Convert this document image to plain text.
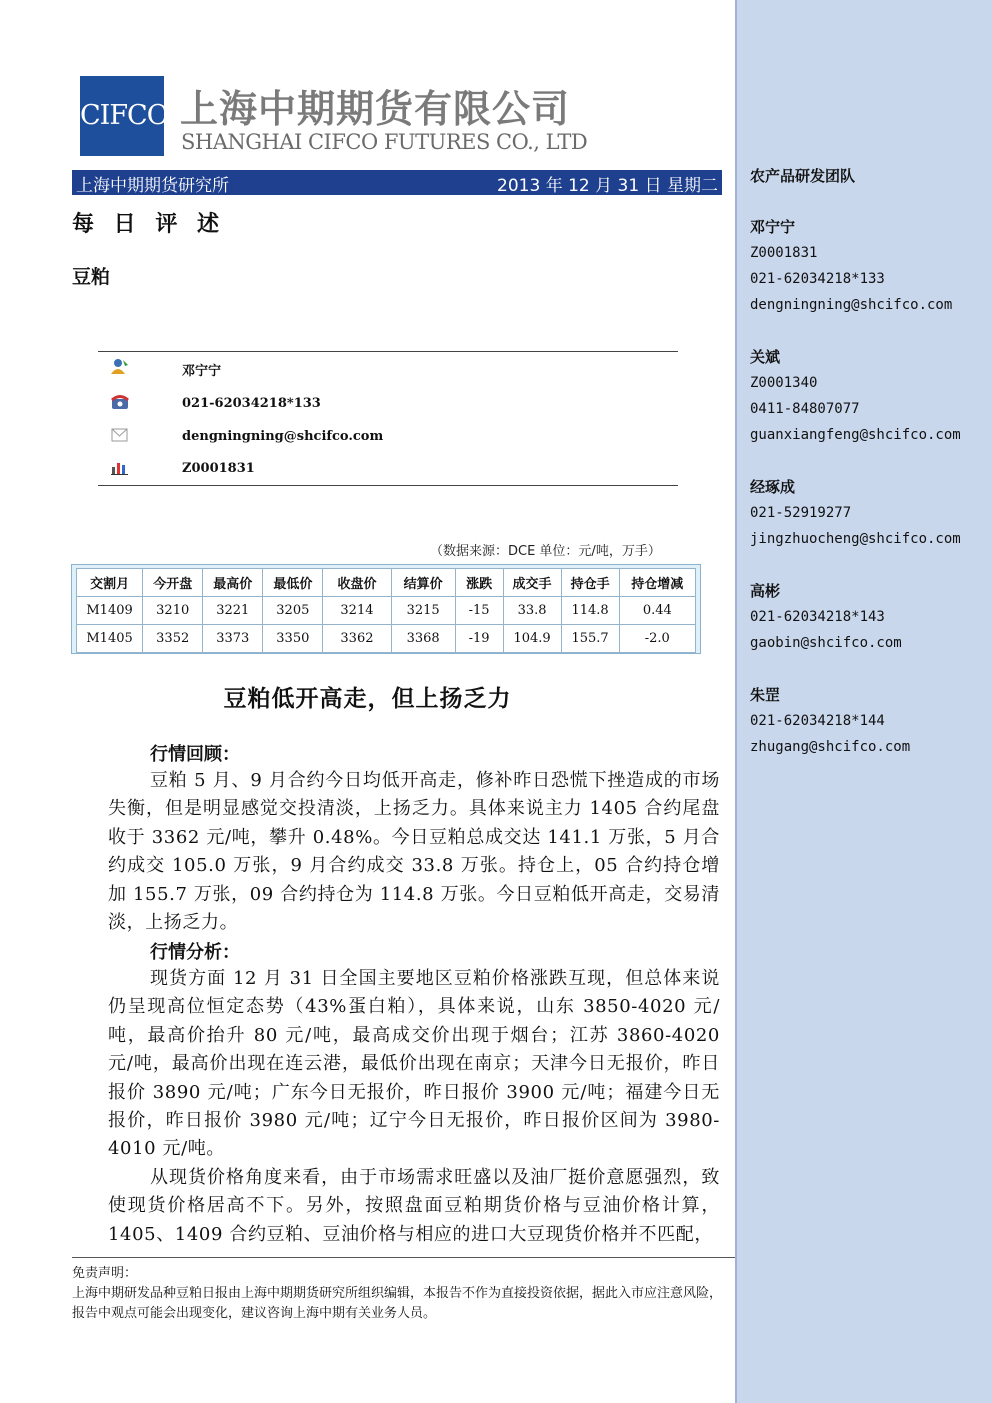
CIFCO 上海中期期货有限公司
SHANGHAI CIFCO FUTURES CO., LTD
上海中期期货研究所	2013 年 12 月 31 日 星期二
每 日 评 述
豆粕
邓宁宁
021-62034218*133
dengningning@shcifco.com
Z0001831
（数据来源：DCE 单位：元/吨，万手）
交割月	今开盘	最高价	最低价	收盘价	结算价	涨跌	成交手	持仓手	持仓增减
M1409	3210	3221	3205	3214	3215	-15	33.8	114.8	0.44
M1405	3352	3373	3350	3362	3368	-19	104.9	155.7	-2.0
豆粕低开高走，但上扬乏力
行情回顾：
豆粕 5 月、9 月合约今日均低开高走，修补昨日恐慌下挫造成的市场失衡，但是明显感觉交投清淡，上扬乏力。具体来说主力 1405 合约尾盘收于 3362 元/吨，攀升 0.48%。今日豆粕总成交达 141.1 万张，5 月合约成交 105.0 万张，9 月合约成交 33.8 万张。持仓上，05 合约持仓增加 155.7 万张，09 合约持仓为 114.8 万张。今日豆粕低开高走，交易清淡，上扬乏力。
行情分析：
现货方面 12 月 31 日全国主要地区豆粕价格涨跌互现，但总体来说仍呈现高位恒定态势（43%蛋白粕），具体来说，山东 3850-4020 元/吨，最高价抬升 80 元/吨，最高成交价出现于烟台；江苏 3860-4020 元/吨，最高价出现在连云港，最低价出现在南京；天津今日无报价，昨日报价 3890 元/吨；广东今日无报价，昨日报价 3900 元/吨；福建今日无报价，昨日报价 3980 元/吨；辽宁今日无报价，昨日报价区间为 3980-4010 元/吨。
从现货价格角度来看，由于市场需求旺盛以及油厂挺价意愿强烈，致使现货价格居高不下。另外，按照盘面豆粕期货价格与豆油价格计算，1405、1409 合约豆粕、豆油价格与相应的进口大豆现货价格并不匹配，
免责声明：
上海中期研发品种豆粕日报由上海中期期货研究所组织编辑，本报告不作为直接投资依据，据此入市应注意风险，报告中观点可能会出现变化，建议咨询上海中期有关业务人员。
农产品研发团队
邓宁宁
Z0001831
021-62034218*133
dengningning@shcifco.com
关斌
Z0001340
0411-84807077
guanxiangfeng@shcifco.com
经琢成
021-52919277
jingzhuocheng@shcifco.com
高彬
021-62034218*143
gaobin@shcifco.com
朱罡
021-62034218*144
zhugang@shcifco.com
